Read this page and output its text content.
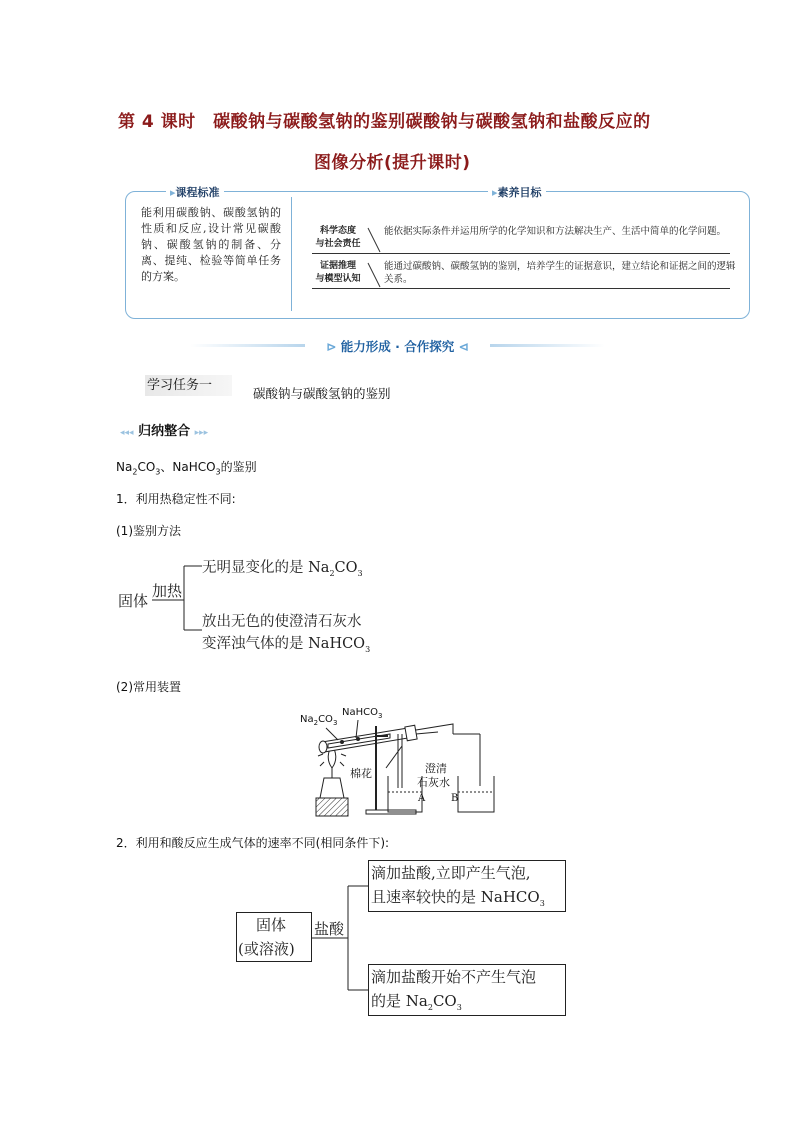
第 4 课时　碳酸钠与碳酸氢钠的鉴别碳酸钠与碳酸氢钠和盐酸反应的
图像分析(提升课时)
▸课程标准	▸素养目标
能利用碳酸钠、碳酸氢钠的性质和反应,设计常见碳酸钠、碳酸氢钠的制备、分离、提纯、检验等简单任务的方案。
科学态度
与社会责任
能依据实际条件并运用所学的化学知识和方法解决生产、生活中简单的化学问题。
证据推理
与模型认知
能通过碳酸钠、碳酸氢钠的鉴别，培养学生的证据意识，建立结论和证据之间的逻辑关系。
⊳ 能力形成 · 合作探究 ⊲
学习任务一
碳酸钠与碳酸氢钠的鉴别
◂◂◂ 归纳整合 ▸▸▸
$Na_2CO_3$、NaHCO$_3$的鉴别
1．利用热稳定性不同:
(1)鉴别方法
固体
加热
无明显变化的是 $Na_2CO_3$
放出无色的使澄清石灰水
变浑浊气体的是 NaHCO$_3$
(2)常用装置
$Na_2CO_3$
NaHCO$_3$
棉花	澄清
石灰水
A	B
2．利用和酸反应生成气体的速率不同(相同条件下):
固体
(或溶液)
盐酸
滴加盐酸,立即产生气泡,
且速率较快的是 NaHCO$_3$
滴加盐酸开始不产生气泡
的是 $Na_2CO_3$
